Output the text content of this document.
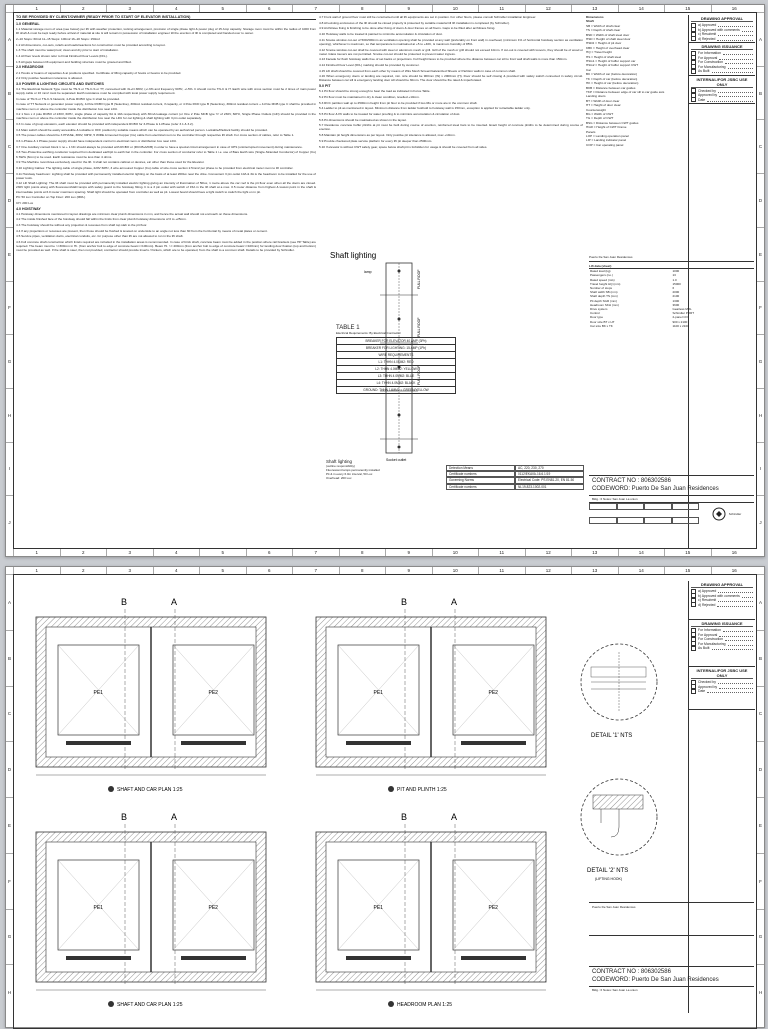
1	2	3	4	5	6	7	8	9	10	11	12	13	14	15	16
1	2	3	4	5	6	7	8	9	10	11	12	13	14	15	16
A
B
C
D
E
F
G
H
I
J
A
B
C
D
E
F
G
H
I
J
TO BE PROVIDED BY CLIENT/OWNER (READY PRIOR TO START OF ELEVATOR INSTALLATION)
1.0 GENERAL
1.1 Material storage room of area (see below) per lift with weather protection, locking arrangement, provision of single phase light & power plug of 15 Amp capacity. Storage room must be within the radius of 1000 from lift shaft & must be kept ready before arrival of material at site & will remain in possession of installation engineer till the erection of lift is completed and handed over to owner.
2~10 Stops: 60m2 11~15 Stops: 100m2 16~20 Stops: 150m2
1.2 All dimensions, cut-outs, reliefs and loads/reactions for construction must be provided according to layout.
1.3 The shaft must be waterproof, clean and dry prior to start of installation.
1.4 All floor levels shown refer to Final Finished Floor Levels (FFL).
1.5 All gaps between lift equipment and building structure must be grouted and filled.
2.0 HEADROOM
2.1 Hooks or beams of capacities & at positions specified. Certificate of lifting capacity of hooks or beams to be provided.
2.2 Only positive headroom tolerance is allowed.
3.0 POWER & LIGHTING CIRCUITS AND SWITCHES
3.1 The Electrical Network Type must be TN-S or TN-C-S or TT, connected with 3L+N 380V, (+/-6% and frequency 60Hz, +/-5%. It should not be TN-C & IT. Earth wire with cross section must be 2 times of main power supply cable or 16 mm2 must be separated. Earth resistance must be complied with local power supply requirement.
In case of TN-S or TN-C-S Network, 4-Pole RCBO type C shall be provided.
In case of TT Network or generator power supply, 4-Pole RCBO type B (Selective), 300mA residual current, if capacity, or 4 Pole RCD type B (Selective), 300mA residual current + 4-Pole MCB type C shall be provided in machine room or above the controller inside the distribution box near LDU.
3.2 1 Nos x 2 pole RCBO of 230V, 60Hz, single phase of capacity 6A & 10A respectively with 30mA leakage current (or One 2 Pole MCB type 'C' of 230V, 60Hz, Single Phase Outlets (GFI) should be provided in the machine room or above the controller inside the distribution box near the LDU for car lighting & shaft lighting with 3 pin outlet separately.
3.3 In case of group elevators, each elevator should be provided with independent RCBO for 3-Phase & 1-Phase (refer 3.1 & 3.2).
3.4 Main switch should be easily accessible & lockable in OFF position by suitable means which can be operated by an authorized person. Lockable/Padlock facility should be provided.
3.5 The power cables should be 3 PHASE, 380V, 60HZ, 5 WIRE Armoured Copper (Cu) cable from electrical room to the controller through respective lift shaft. For cross section of cables, refer to Table 1.
3.6 1-Phase & 1 Phase power supply should have independent control in electrical room or distribution box near LDU.
3.7 One Auxiliary contact block 1 no + 1 NC should always be provided with RCBO or (RCCB+MCB) in order to have a special circuit arrangement in case of UPS (uninterrupted movement) during maintenance.
3.8 Two-Protective earthing conductor required from dedicated earthpit to earth bar in the controller. For cross section of conductor refer to Table 1 i.e. use of Bare Earth wire (Single-Stranded Conductor) of Copper (Cu) 6 SWG (6mm) to be used. Earth resistance must be less than 4 ohms.
3.9 The Machine room/Area exclusively used for the lift. It shall not contains cabinet or devices, etc other than those used for the Elevator.
3.10 Lighting Cables: The lighting cable of single phase, 220V 60Hz, 3 wire armoured Copper (Cu) cable of size cross section 2.5mm2 per phase to be provided from electrical meter room to lift controller.
3.11 Hoistway headroom: Lighting shall be provided with permanently installed electric lighting on the basis of at least 200lux near the drive. Convenient 3 pin outlet 10A & 3A is the headroom to be installed for the use of power tools.
3.12 Lift Shaft Lighting: The lift shaft must be provided with permanently installed electric lighting giving an intensity of illumination of 50lux, 1 metre above the car roof & the pit floor even when all the doors are closed. 230V light points along with fluorescent/LED lamps with safety guard to the hoistway fitting. It is a 3 pin outlet with switch of 15A in the lift shaft at a max. 0.5 meter distance from highest & lowest point in the shaft & intermediate points at 6.0 meter maximum spacing. Shaft light should be operated from controller as well as pit. Lowest board should have a light switch to switch the light on in pit.
PIt: 50 Lux Controller on Top Floor: 200 Lux (MRL)
CH: 200 Lux
4.0 HOISTWAY
4.1 Hoistway dimensions mentioned in layout drawings are minimum clear plumb dimensions in mm, and hence the actual wall should not encroach on these dimensions.
4.2 The inside finished face of the hoistway should fall within the limits from clear plumb hoistway dimensions of 0 to +25mm.
4.3 The hoistway should be without any projection & recesses from shaft top slab to the pit floor.
4.4 If any projections or recesses are present, then those should be flushed & leveled on underside to an angle not less than 60 from the horizontal by means of metal plates or cement.
4.5 Service pipes, ventilation ducts, electrical conduits, etc. for purpose other than lift are not allowed to run in the lift shaft.
4.6 Full concrete shaft construction which lintels required are included in the installation areas is recommended. In case of brick shaft, concrete beam must be added in the position where rail brackets (see HP Table) are required. The beam must be >=300mm in Ht. (from anchor bolt to edge of concrete beam>=100mm). Beam Ht. >= 400mm (from anchor bolt to edge of concrete beam>=100mm) for landing door fixation (top and bottom) must be provided as well. If the shaft is steel, then not provided, contractor should provide Inserts / Kickers, which are to be operated, from the shaft to a common shaft. Details to be provided by Schindler.
4.7 Front wall of ground floor must still be constructed until all lift equipments are set in position. For other floors, please consult Schindler installation Engineer.
4.8 All existing enclosures of the lift should be closed properly & protected by suitable material till lift installation is completed (by Schindler).
4.9 Architrave fixing & finishing to be done after fixing of doors & door frames on all floors. Gaps to be filled after architrave fixing.
4.10 Hoistway walls to be treated & painted to minimize accumulation & circulation of dust.
4.11 Smoke window cut-out of 500x500mm as ventilation opening shall be provided at any wall (preferably on front wall) in overhead, (minimum 1% of horizontal hoistway section as ventilation opening), whichever is maximum, so that temperature is maintained at +5 to +40C, & maximum humidity of 85%.
4.12 Smoke window cut-out shall be covered with steel or aluminum mesh or grill. Grill of the mesh or grill should not exceed 10mm. If cut-out is covered with louvers, they should be of wood or metal. Glass louvers are not permitted. Smoke cut-out should be protected to prevent water ingress.
4.13 Facade for flush hoistway walls free of set backs or projections. Full height faces to be provided where the distance between car sill to front wall shaft walls is more than 150mm.
4.14 Finished Floor Level (FFL) marking should be provided by customer.
4.15 Lift shaft should be covered from each other by means of Wire Mesh Screen/Galvanized Sheets or Partition walls in case of common shaft.
4.16 When emergency doors or landing are required, min. size should be 900mm (W) x 2000mm (H). Door should be self closing & provided with safety switch connected in safety circuit. Distance between car sill & emergency landing door sill should be 30mm. The door should be fire rated & imperforated.
5.0 PIT
5.1 Pit floor should be strong enough to bear the load as indicated in Force Table.
5.2 Pit floor must be maintained in dry & clean condition, levelled +10mm.
5.3 RCC partition wall up to 2500mm height from pit floor to be provided if two lifts or more are in the common shaft.
5.4 Ladder to pit as mentioned in layout. Minimum distance from ladder foothold to hoistway wall is 150mm, exception is applied for retractable ladder only.
5.5 Pit floor & Pit walls to be treated for water proofing & to minimize accumulation & circulation of dust.
5.6 Pit dimensions should be maintained as shown in the layout.
5.7 Residence concrete buffer plinths at pit must be built during course of erection, reinforced steel bars to be inserted. Exact height of concrete plinths to be determined during course of erection.
5.8 Maintain pit height dimensions as per layout. Only positive pit tolerance is allowed, max +10mm.
5.9 Provide checkered plate service platform for every lift pit deeper than 2500mm.
5.10 If elevator is without CWT safety gear, space below shaft pit is forbidden for usage & should be covered from all sides.
Shaft lighting
FULL ROOF
FULL ROOF
FULL ROOF
Socket outlet
lamp
TABLE 1
Electrical Requirements: By Electrical Contractor
BREAKER FOR ELEVATOR 40 AMP (3Ph)
BREAKER FOR LIGHTING: 15 AMP (1Ph)
WIRE REQUIREMENTS
L1: THHN 4.0MM2: RED
L2: THHN 4.0MM2: YELLOW
L3: THHN 4.0MM2: BLUE
L4: THHN 4.0MM2: BLACK
GROUND: THHN 14MM2 = GREEN/YELLOW
Shaft lighting
(outline responsibility)
Fluorescent lamps permanently installed
Pit & in every 6.0m interval, 50 Lux
Overhead: 200 Lux
Detection Means	AC, 220, 230, 270
Certificate numbers	0112/EKAVA-16.6.1/19
Governing Norms	Electrical Code: PS EN81-20, EN 81-50
Certificate numbers	NL19-823-1002-001
Dimensions
Shaft
SB = Width of shaft clear
TS = Depth of shaft clear
BSD = Width of shaft steel door
HSD = Height of shaft steel door
HSD2 = Height of pit door
KBK = Height of overhead clear
HQ = Travel height
HS = Height of shaft steel
HSG1 = Height of buffer support car
HSG2 = Height of buffer support CWT
Car
BK = Width of car (before decoration)
TK = Depth of car (before decoration)
HK = Height of car (before decoration)
BKB = Distance between car guides
TKP = Distance between edge of car sill to car guide axis
Landing doors
BT = Width of door clear
HT = Height of door clear
Counterweight
BG = Width of CWT
TG = Depth of CWT
BSG = Distance between CWT guides
HGR = Height of CWT Frame
Panels
LOP = Landing operation panel
LIP = Landing indicator panel
COP = Car operating panel
DRAWING APPROVAL
a) Approved
b) Approved with comments
c) Resubmit
d) Rejected
DRAWING ISSUANCE
For Information
For Approval
For Construction
For Manufacturing
As Built
INTERNAL/FOR JSBC USE ONLY
Checked by
Approved by
Date
Puerto De San Juan Residences
Lift data (sheet)
Rated load (kg)	1000
Passengers (no.)	13
Rated speed (m/s)	1.0
Travel height HQ (mm)	15000
Number of stops	6
Shaft width SB (mm)	2000
Shaft depth TS (mm)	2100
Pit depth SGR (mm)	1300
Headroom SKH (mm)	3600
Drive system	Gearless MRL
Control	Schindler PORT
Door type	2-panel CO
Door size BT x HT	900 x 2100
Car size BK x TK	1100 x 2100
CONTRACT NO : 806302586
CODEWORD: Puerto De San Juan Residences
Bldg.: 6 Notes: San Juan La union
Schindler
1	2	3	4	5	6	7	8	9	10	11	12	13	14	15	16
A
B
C
D
E
F
G
H
A
B
C
D
E
F
G
H
PE1	PE2
B	A
SHAFT AND CAR PLAN 1:25
PE1	PE2
B	A
PIT AND PLINTH 1:25
PE1	PE2
B	A
SHAFT AND CAR PLAN 1:25
PE1	PE2
B	A
HEADROOM PLAN 1:25
DETAIL '1' NTS
DETAIL '2' NTS
(LIFTING HOOK)
DRAWING APPROVAL
a) Approved
b) Approved with comments
c) Resubmit
d) Rejected
DRAWING ISSUANCE
For Information
For Approval
For Construction
For Manufacturing
As Built
INTERNAL/FOR JSBC USE ONLY
Checked by
Approved by
Date
Puerto De San Juan Residences
CONTRACT NO : 806302586
CODEWORD: Puerto De San Juan Residences
Bldg.: 6 Notes: San Juan La union
